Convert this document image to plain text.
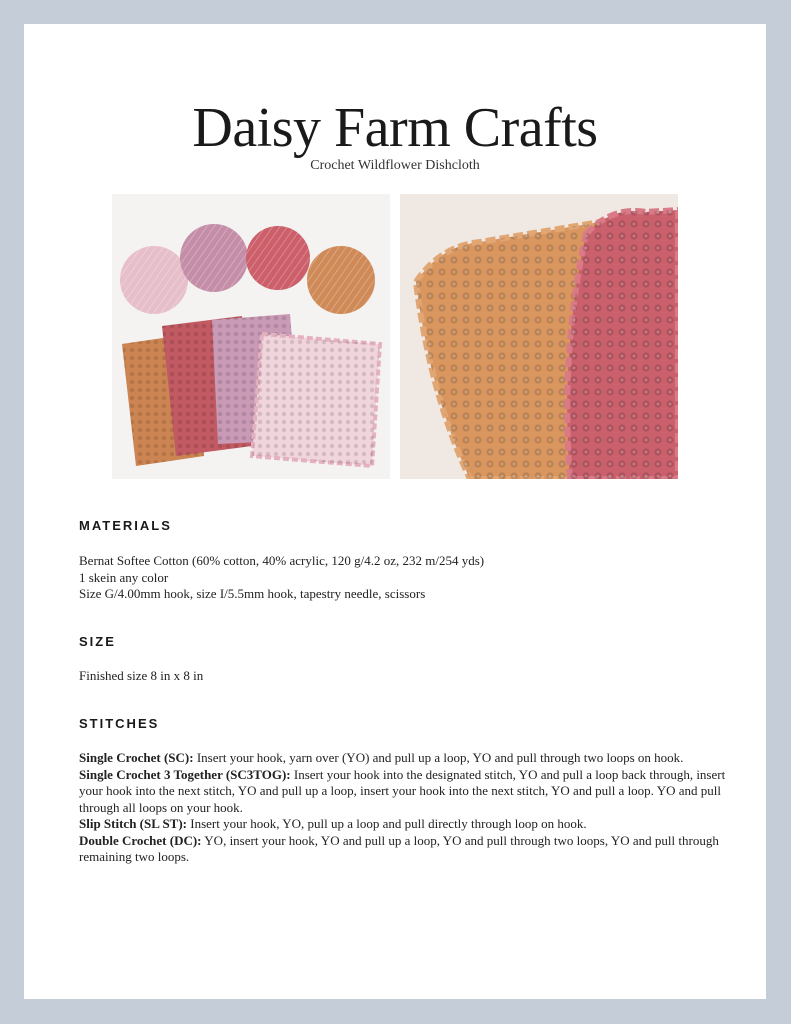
Daisy Farm Crafts
Crochet Wildflower Dishcloth
MATERIALS
Bernat Softee Cotton (60% cotton, 40% acrylic, 120 g/4.2 oz, 232 m/254 yds)
1 skein any color
Size G/4.00mm hook, size I/5.5mm hook, tapestry needle, scissors
SIZE
Finished size 8 in x 8 in
STITCHES
Single Crochet (SC): Insert your hook, yarn over (YO) and pull up a loop, YO and pull through two loops on hook.
Single Crochet 3 Together (SC3TOG): Insert your hook into the designated stitch, YO and pull a loop back through, insert your hook into the next stitch, YO and pull up a loop, insert your hook into the next stitch, YO and pull a loop. YO and pull through all loops on your hook.
Slip Stitch (SL ST): Insert your hook, YO, pull up a loop and pull directly through loop on hook.
Double Crochet (DC): YO, insert your hook, YO and pull up a loop, YO and pull through two loops, YO and pull through remaining two loops.
